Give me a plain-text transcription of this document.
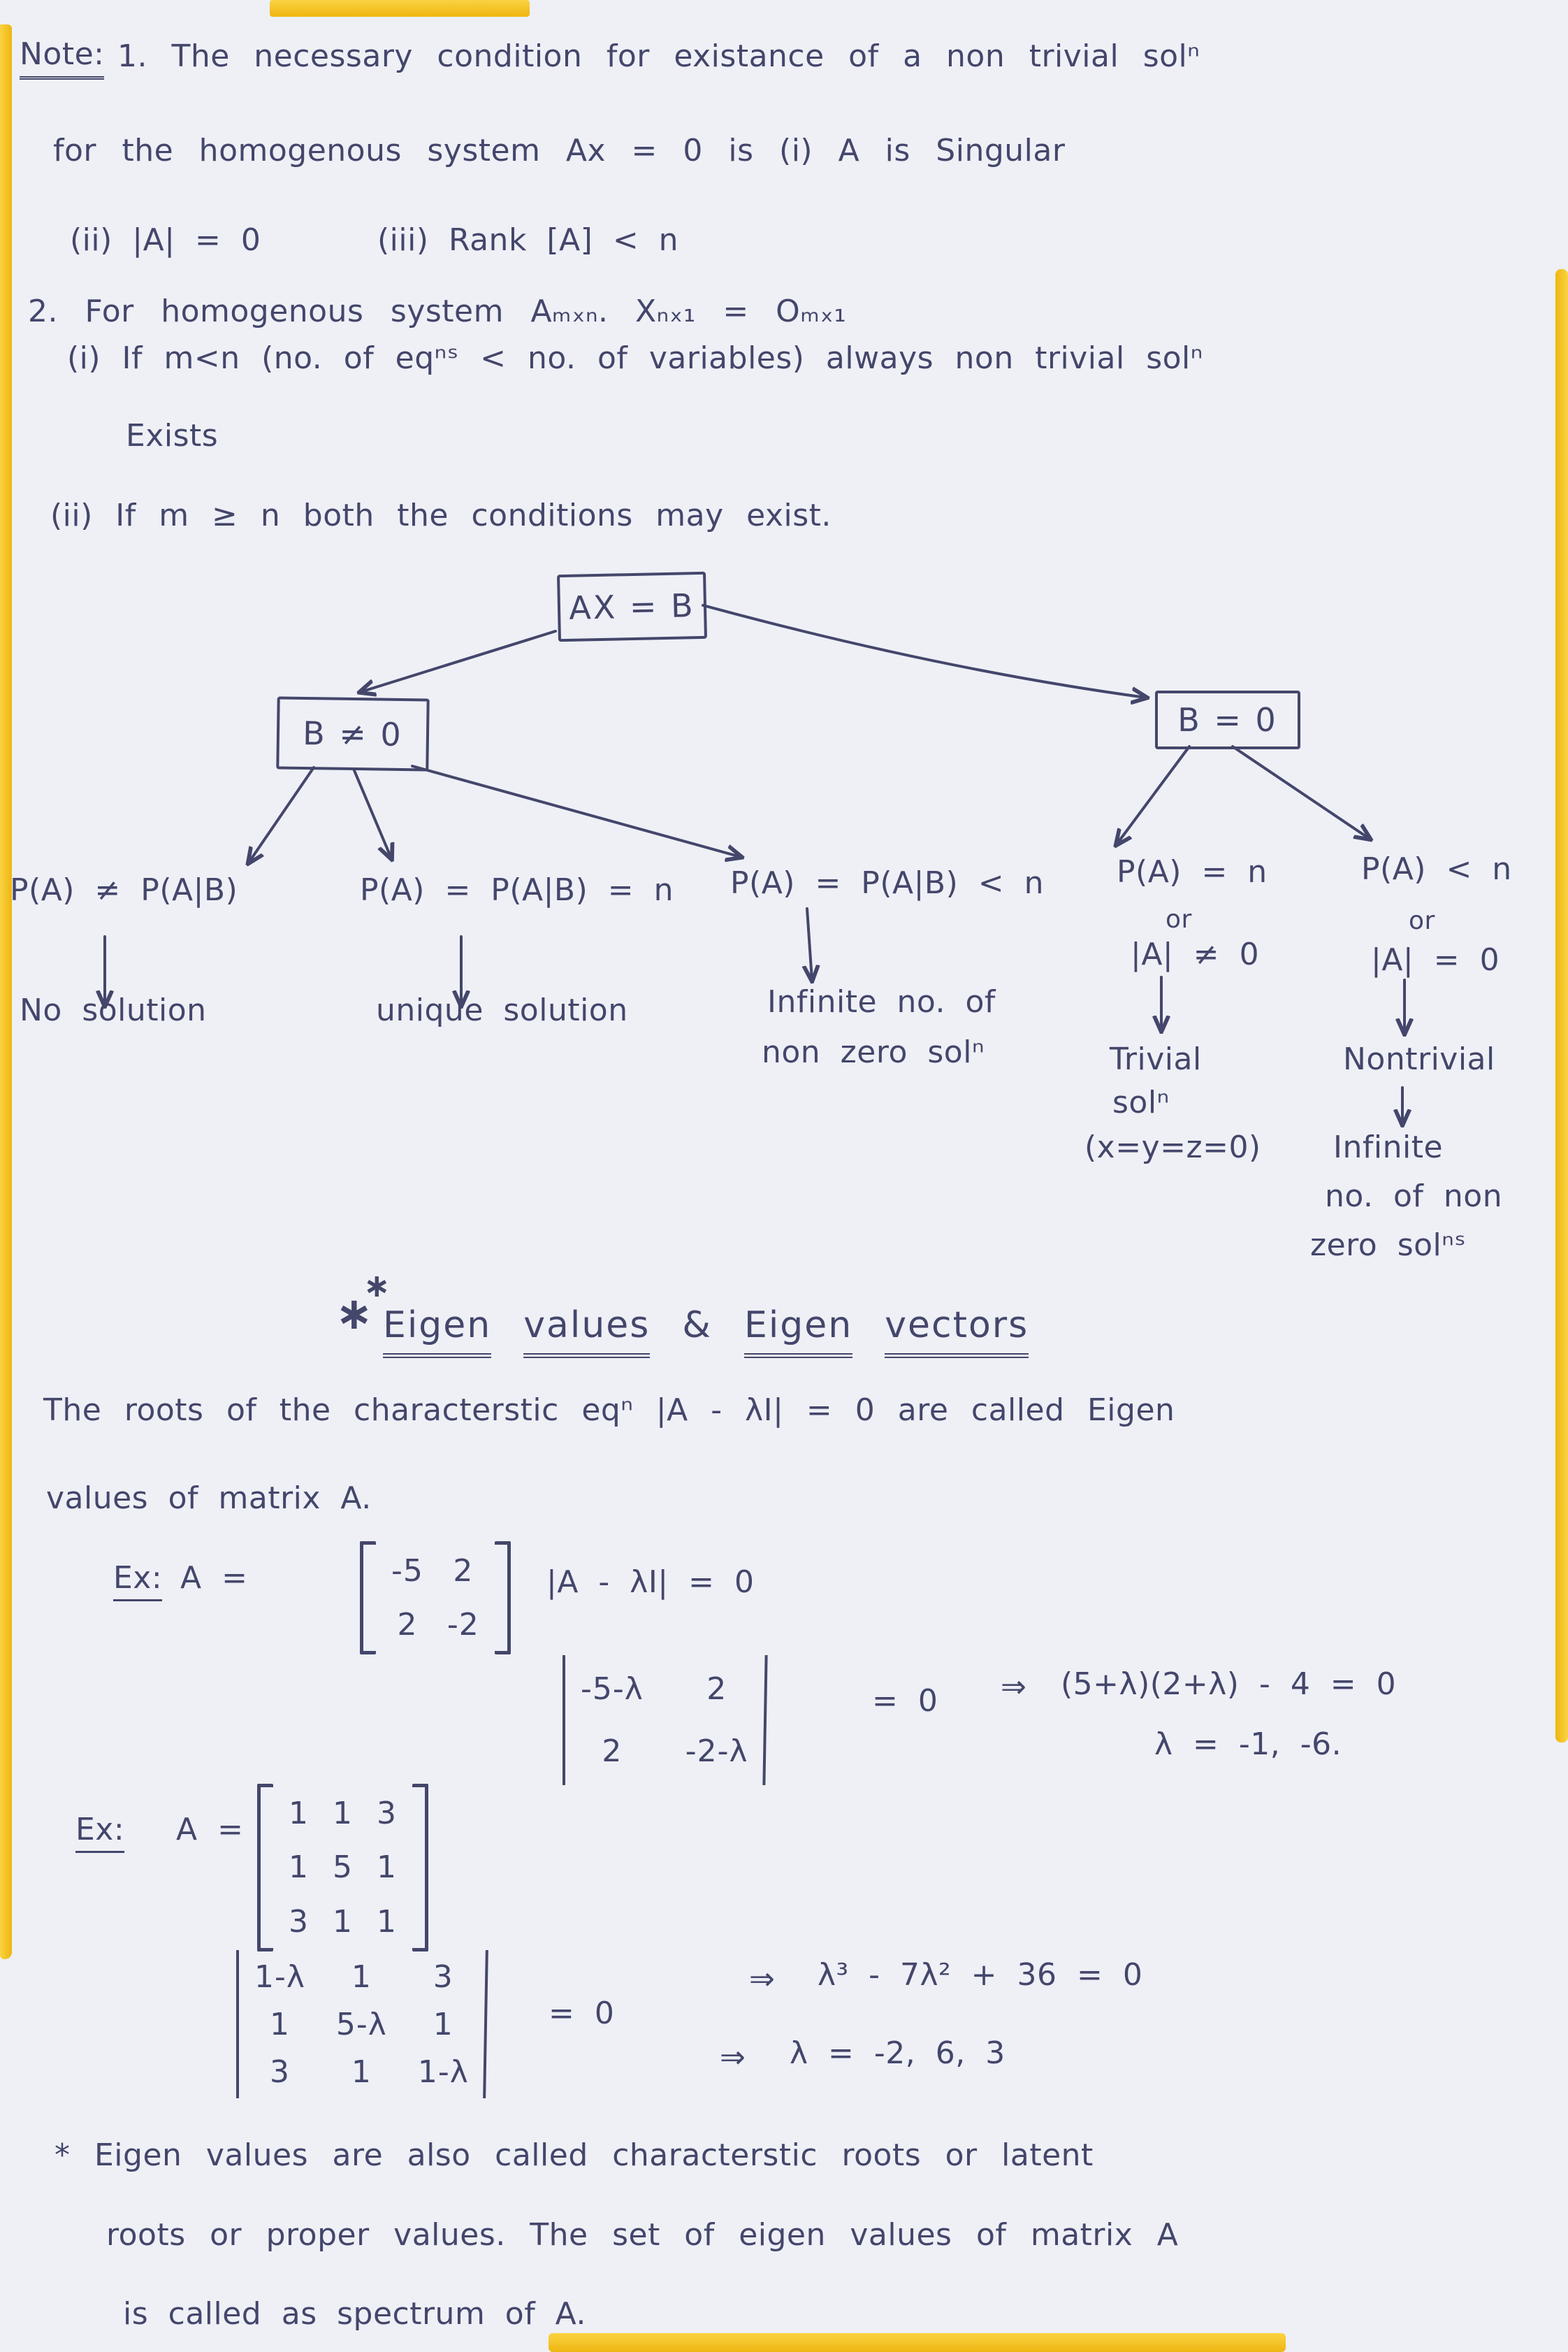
Note: 1. The necessary condition for existance of a non trivial solⁿ
for the homogenous system Ax = 0 is (i) A is Singular
(ii) |A| = 0	(iii) Rank [A] < n
2. For homogenous system Aₘₓₙ. Xₙₓ₁ = Oₘₓ₁
(i) If m<n (no. of eqⁿˢ < no. of variables) always non trivial solⁿ
Exists
(ii) If m ≥ n both the conditions may exist.
AX = B
B ≠ 0	B = 0
P(A) ≠ P(A|B)	P(A) = P(A|B) = n P(A) = P(A|B) < n
No solution	unique solution	Infinite no. of
non zero solⁿ
P(A) = n
or
|A| ≠ 0
P(A) < n
or
|A| = 0
Trivial
solⁿ
(x=y=z=0)
Nontrivial
Infinite
no. of non
zero solⁿˢ
∗
∗
Eigen values & Eigen vectors
The roots of the characterstic eqⁿ |A - λI| = 0 are called Eigen
values of matrix A.
Ex: A =	-5 2
2 -2
|A - λI| = 0
-5-λ 2
2 -2-λ
= 0 ⇒ (5+λ)(2+λ) - 4 = 0
λ = -1, -6.
Ex: A = 1 1 3
1 5 1
3 1 1
1-λ 1 3
1 5-λ 1
3 1 1-λ
= 0
⇒ λ³ - 7λ² + 36 = 0
⇒ λ = -2, 6, 3
* Eigen values are also called characterstic roots or latent
roots or proper values. The set of eigen values of matrix A
is called as spectrum of A.
